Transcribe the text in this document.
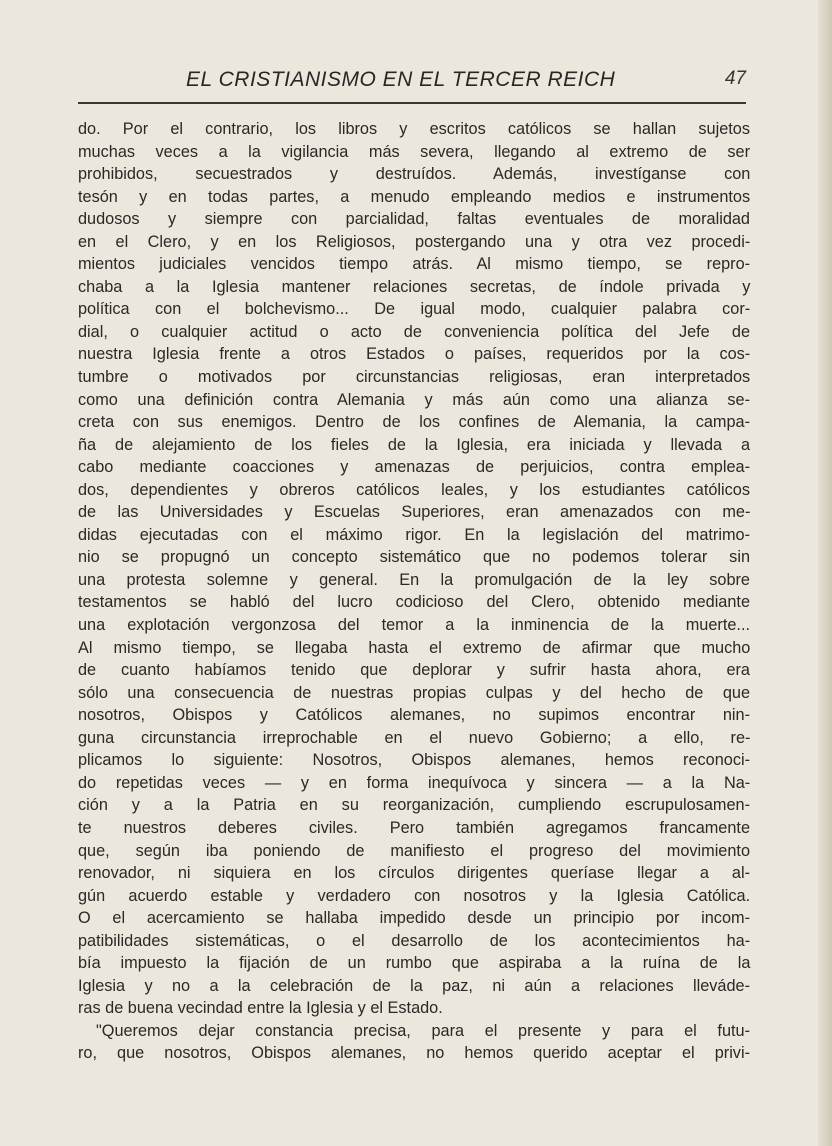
EL CRISTIANISMO EN EL TERCER REICH	47
do. Por el contrario, los libros y escritos católicos se hallan sujetos
muchas veces a la vigilancia más severa, llegando al extremo de ser
prohibidos, secuestrados y destruídos. Además, investíganse con
tesón y en todas partes, a menudo empleando medios e instrumentos
dudosos y siempre con parcialidad, faltas eventuales de moralidad
en el Clero, y en los Religiosos, postergando una y otra vez procedi-
mientos judiciales vencidos tiempo atrás. Al mismo tiempo, se repro-
chaba a la Iglesia mantener relaciones secretas, de índole privada y
política con el bolchevismo... De igual modo, cualquier palabra cor-
dial, o cualquier actitud o acto de conveniencia política del Jefe de
nuestra Iglesia frente a otros Estados o países, requeridos por la cos-
tumbre o motivados por circunstancias religiosas, eran interpretados
como una definición contra Alemania y más aún como una alianza se-
creta con sus enemigos. Dentro de los confines de Alemania, la campa-
ña de alejamiento de los fieles de la Iglesia, era iniciada y llevada a
cabo mediante coacciones y amenazas de perjuicios, contra emplea-
dos, dependientes y obreros católicos leales, y los estudiantes católicos
de las Universidades y Escuelas Superiores, eran amenazados con me-
didas ejecutadas con el máximo rigor. En la legislación del matrimo-
nio se propugnó un concepto sistemático que no podemos tolerar sin
una protesta solemne y general. En la promulgación de la ley sobre
testamentos se habló del lucro codicioso del Clero, obtenido mediante
una explotación vergonzosa del temor a la inminencia de la muerte...
Al mismo tiempo, se llegaba hasta el extremo de afirmar que mucho
de cuanto habíamos tenido que deplorar y sufrir hasta ahora, era
sólo una consecuencia de nuestras propias culpas y del hecho de que
nosotros, Obispos y Católicos alemanes, no supimos encontrar nin-
guna circunstancia irreprochable en el nuevo Gobierno; a ello, re-
plicamos lo siguiente: Nosotros, Obispos alemanes, hemos reconoci-
do repetidas veces — y en forma inequívoca y sincera — a la Na-
ción y a la Patria en su reorganización, cumpliendo escrupulosamen-
te nuestros deberes civiles. Pero también agregamos francamente
que, según iba poniendo de manifiesto el progreso del movimiento
renovador, ni siquiera en los círculos dirigentes queríase llegar a al-
gún acuerdo estable y verdadero con nosotros y la Iglesia Católica.
O el acercamiento se hallaba impedido desde un principio por incom-
patibilidades sistemáticas, o el desarrollo de los acontecimientos ha-
bía impuesto la fijación de un rumbo que aspiraba a la ruína de la
Iglesia y no a la celebración de la paz, ni aún a relaciones lleváde-
ras de buena vecindad entre la Iglesia y el Estado.
"Queremos dejar constancia precisa, para el presente y para el futu-
ro, que nosotros, Obispos alemanes, no hemos querido aceptar el privi-
